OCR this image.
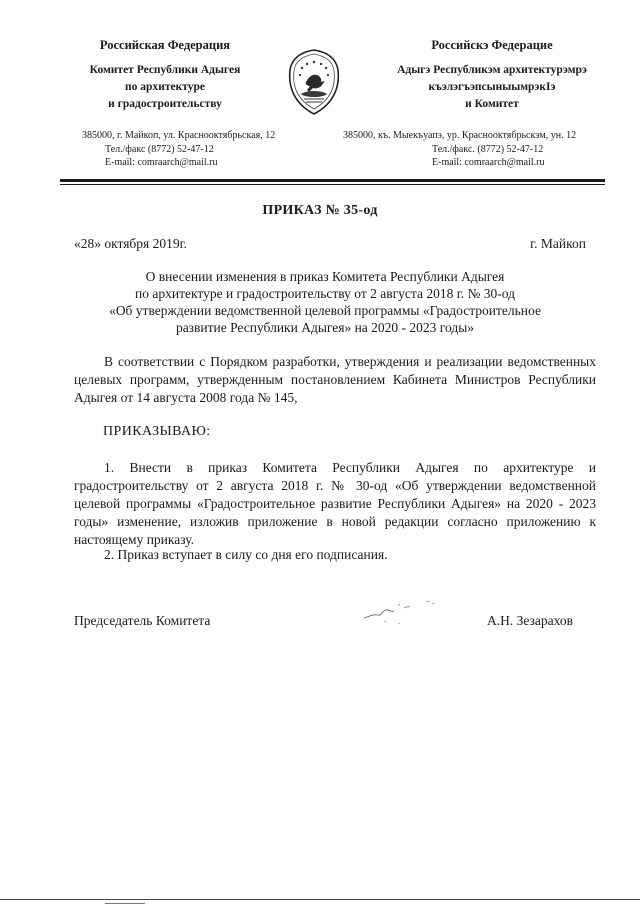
Российская Федерация
Комитет Республики Адыгея
по архитектуре
и градостроительству
Российскэ Федерацие
Адыгэ Республикэм архитектурэмрэ
къэлэгъэпсыныымрэкIэ
и Комитет
385000, г. Майкоп, ул. Краснооктябрьская, 12
Тел./факс (8772) 52-47-12
E-mail: comraarch@mail.ru
385000, къ. Мыекъуапэ, ур. Краснооктябрьскэм, ун. 12
Тел./факс. (8772) 52-47-12
E-mail: comraarch@mail.ru
ПРИКАЗ № 35-од
«28» октября 2019г.	г. Майкоп
О внесении изменения в приказ Комитета Республики Адыгея
по архитектуре и градостроительству от 2 августа 2018 г. № 30-од
«Об утверждении ведомственной целевой программы «Градостроительное
развитие Республики Адыгея» на 2020 - 2023 годы»
В соответствии с Порядком разработки, утверждения и реализации ведомственных целевых программ, утвержденным постановлением Кабинета Министров Республики Адыгея от 14 августа 2008 года № 145,
ПРИКАЗЫВАЮ:
1. Внести в приказ Комитета Республики Адыгея по архитектуре и градостроительству от 2 августа 2018 г. № 30-од «Об утверждении ведомственной целевой программы «Градостроительное развитие Республики Адыгея» на 2020 - 2023 годы» изменение, изложив приложение в новой редакции согласно приложению к настоящему приказу.
2. Приказ вступает в силу со дня его подписания.
Председатель Комитета	А.Н. Зезарахов
